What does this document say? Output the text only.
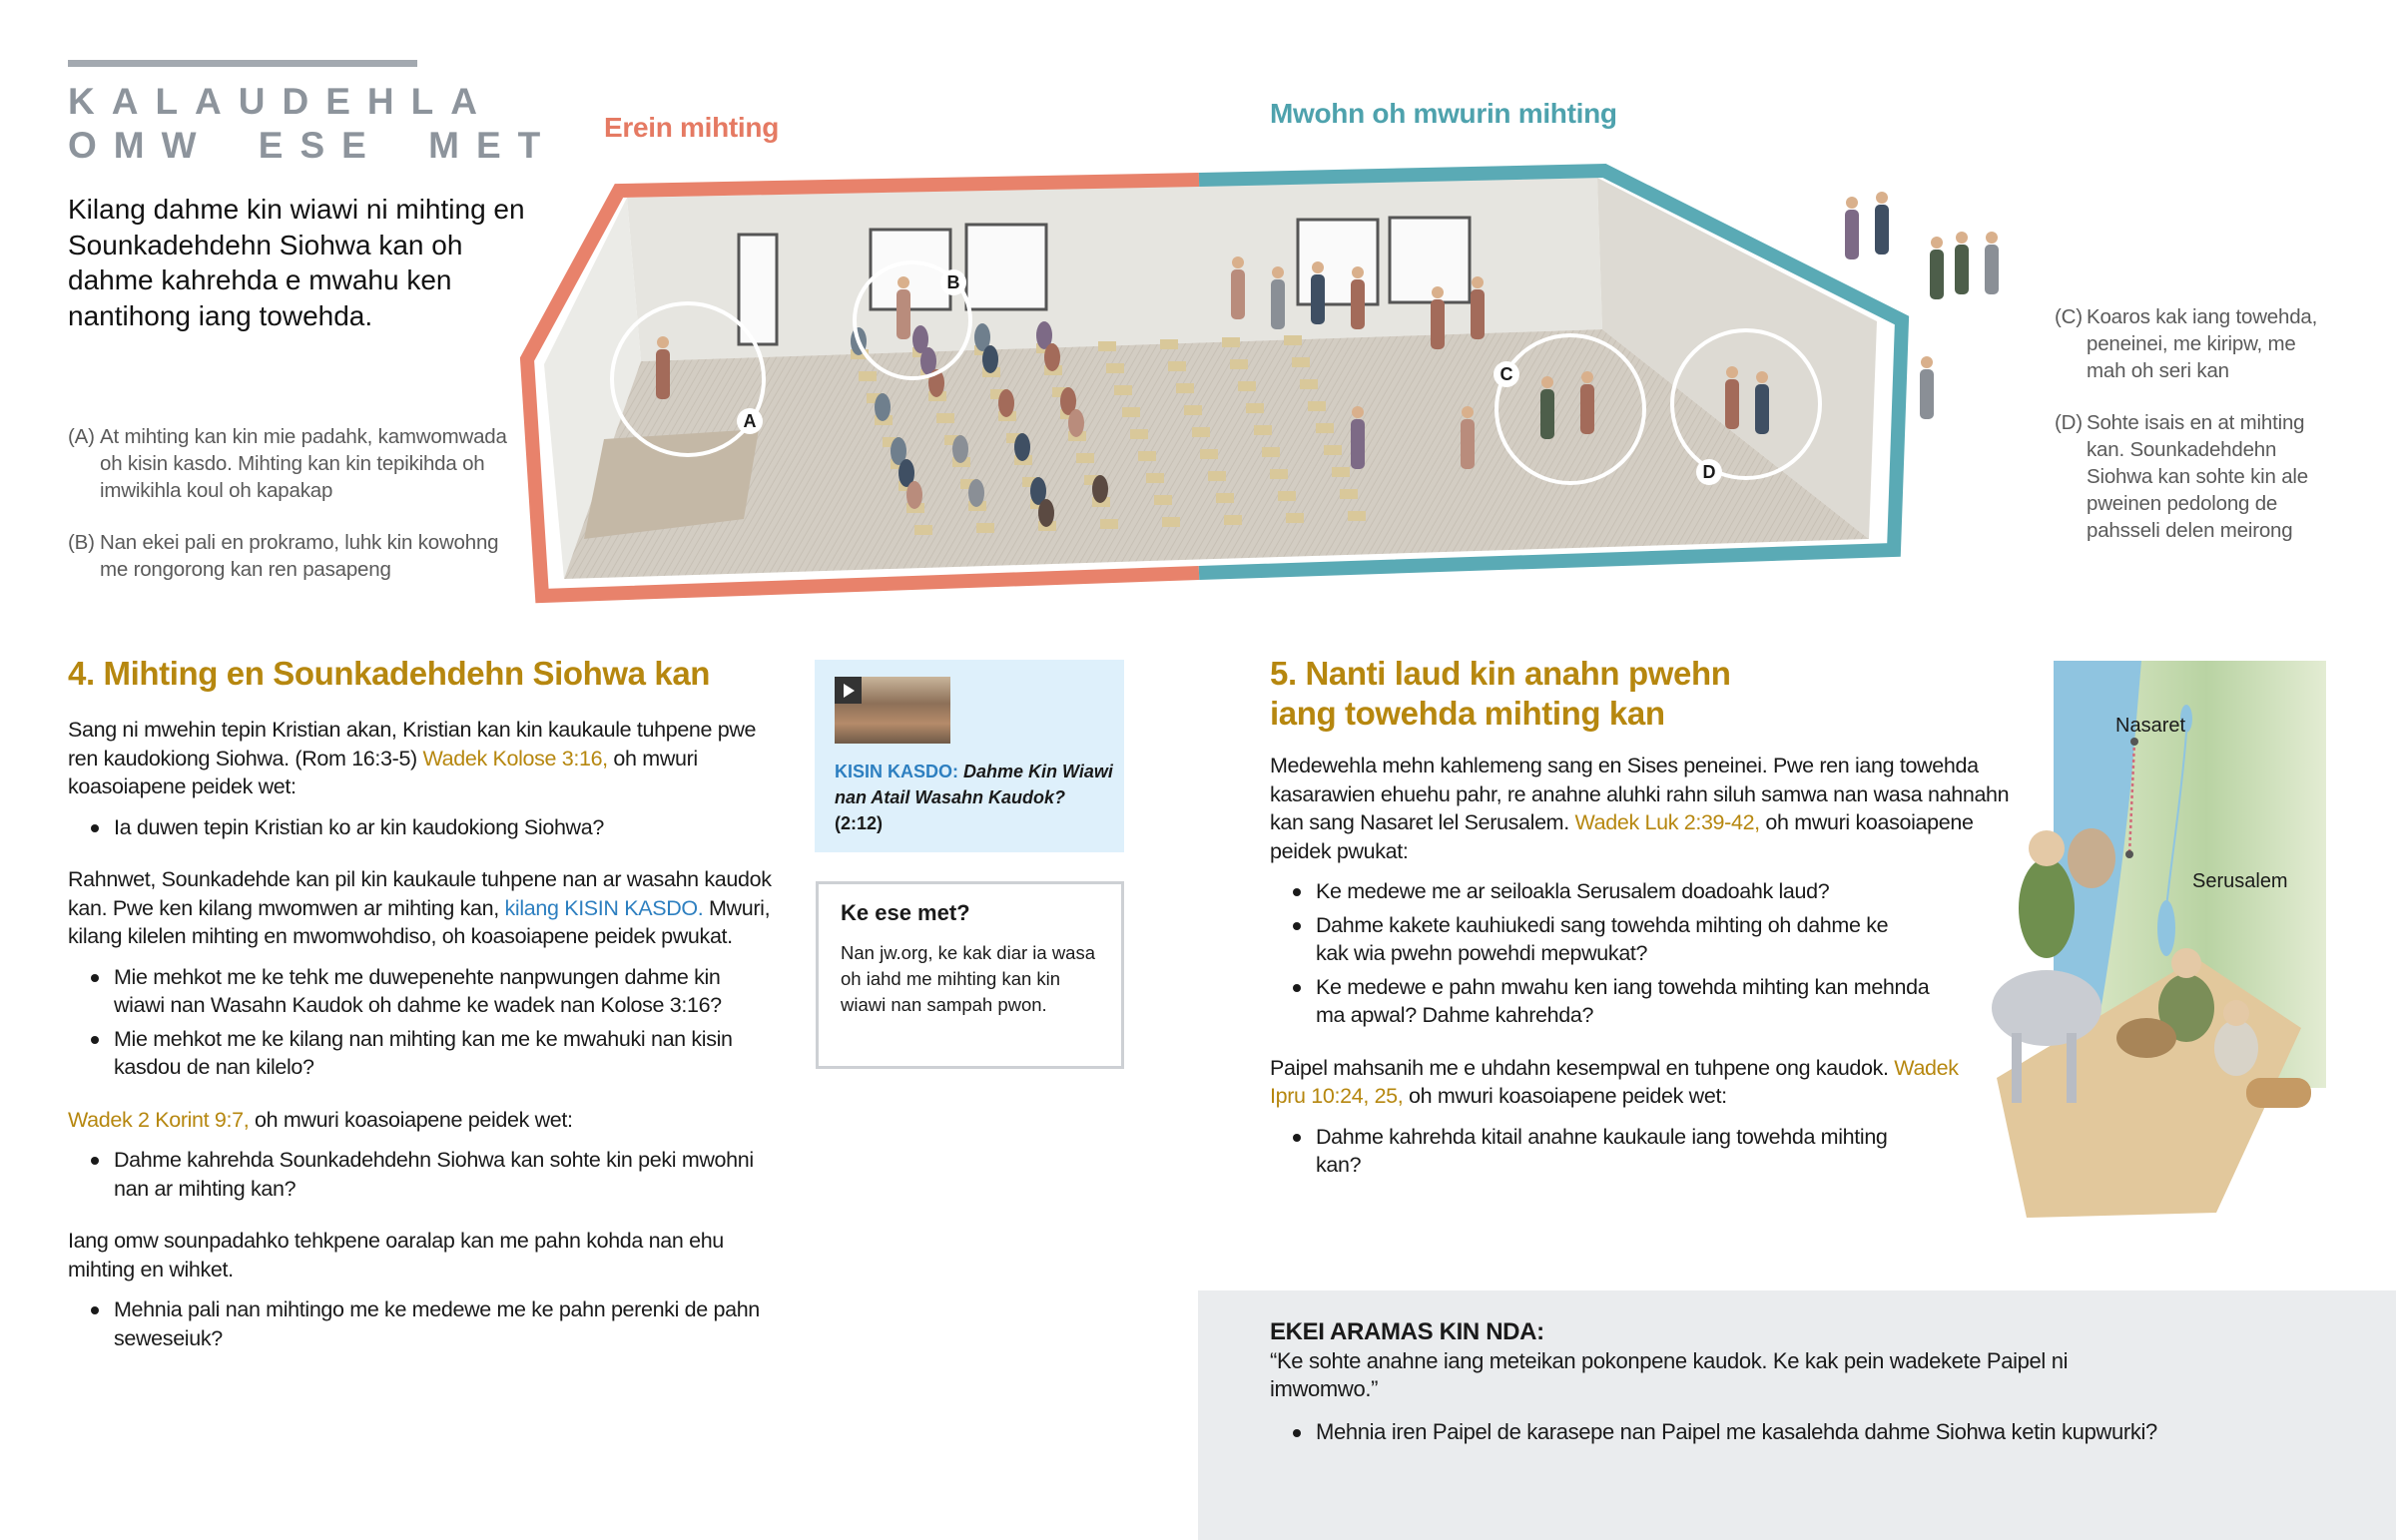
KALAUDEHLA
OMW ESE MET
Kilang dahme kin wiawi ni mihting en Sounkadehdehn Siohwa kan oh dahme kahrehda e mwahu ken nantihong iang towehda.
(A) At mihting kan kin mie padahk, kamwomwada oh kisin kasdo. Mihting kan kin tepikihda oh imwikihla koul oh kapakap
(B) Nan ekei pali en prokramo, luhk kin kowohng me rongorong kan ren pasapeng
(C) Koaros kak iang towehda, peneinei, me kiripw, me mah oh seri kan
(D) Sohte isais en at mihting kan. Sounkadehdehn Siohwa kan sohte kin ale pweinen pedolong de pahsseli delen meirong
Erein mihting	Mwohn oh mwurin mihting
A
B
C
D
4. Mihting en Sounkadehdehn Siohwa kan

Sang ni mwehin tepin Kristian akan, Kristian kan kin kaukaule tuhpene pwe ren kaudokiong Siohwa. (Rom 16:3-5) Wadek Kolose 3:16, oh mwuri koasoiapene peidek wet:

Ia duwen tepin Kristian ko ar kin kaudokiong Siohwa?

Rahnwet, Sounkadehde kan pil kin kaukaule tuhpene nan ar wasahn kaudok kan. Pwe ken kilang mwomwen ar mihting kan, kilang KISIN KASDO. Mwuri, kilang kilelen mihting en mwomwohdiso, oh koasoiapene peidek pwukat.

Mie mehkot me ke tehk me duwepenehte nanpwungen dahme kin wiawi nan Wasahn Kaudok oh dahme ke wadek nan Kolose 3:16?
Mie mehkot me ke kilang nan mihting kan me ke mwahuki nan kisin kasdou de nan kilelo?

Wadek 2 Korint 9:7, oh mwuri koasoiapene peidek wet:

Dahme kahrehda Sounkadehdehn Siohwa kan sohte kin peki mwohni nan ar mihting kan?

Iang omw sounpadahko tehkpene oaralap kan me pahn kohda nan ehu mihting en wihket.

Mehnia pali nan mihtingo me ke medewe me ke pahn perenki de pahn seweseiuk?
KISIN KASDO: Dahme Kin Wiawi nan Atail Wasahn Kaudok? (2:12)
Ke ese met?
Nan jw.org, ke kak diar ia wasa oh iahd me mihting kan kin wiawi nan sampah pwon.
5. Nanti laud kin anahn pwehn
iang towehda mihting kan

Medewehla mehn kahlemeng sang en Sises peneinei. Pwe ren iang towehda kasarawien ehuehu pahr, re anahne aluhki rahn siluh samwa nan wasa nahnahn kan sang Nasaret lel Serusalem. Wadek Luk 2:39-42, oh mwuri koasoiapene peidek pwukat:

Ke medewe me ar seiloakla Serusalem doadoahk laud?
Dahme kakete kauhiukedi sang towehda mihting oh dahme ke kak wia pwehn powehdi mepwukat?
Ke medewe e pahn mwahu ken iang towehda mihting kan mehnda ma apwal? Dahme kahrehda?

Paipel mahsanih me e uhdahn kesempwal en tuhpene ong kaudok. Wadek Ipru 10:24, 25, oh mwuri koasoiapene peidek wet:

Dahme kahrehda kitail anahne kaukaule iang towehda mihting kan?
Nasaret
Serusalem

EKEI ARAMAS KIN NDA: “Ke sohte anahne iang meteikan pokonpene kaudok. Ke kak pein wadekete Paipel ni imwomwo.”

Mehnia iren Paipel de karasepe nan Paipel me kasalehda dahme Siohwa ketin kupwurki?
